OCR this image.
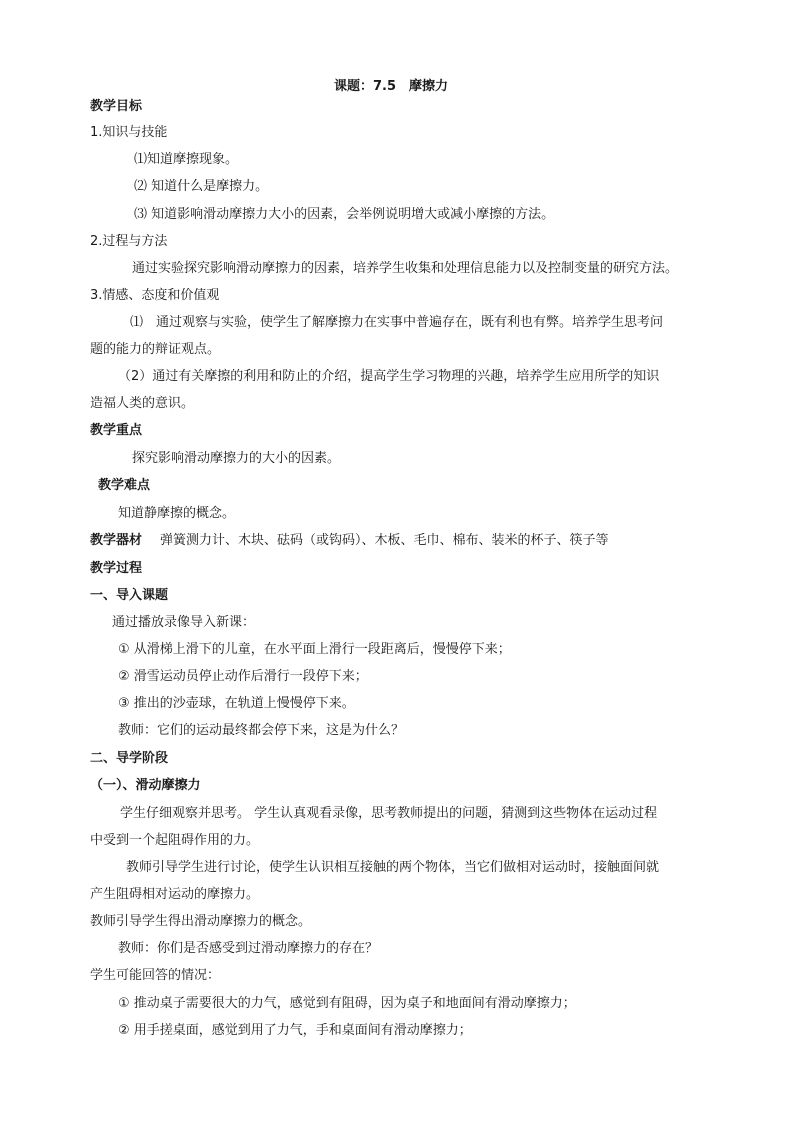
课题：7.5　摩擦力
教学目标
1.知识与技能
⑴知道摩擦现象。
⑵ 知道什么是摩擦力。
⑶ 知道影响滑动摩擦力大小的因素，会举例说明增大或减小摩擦的方法。
2.过程与方法
通过实验探究影响滑动摩擦力的因素，培养学生收集和处理信息能力以及控制变量的研究方法。
3.情感、态度和价值观
⑴　通过观察与实验，使学生了解摩擦力在实事中普遍存在，既有利也有弊。培养学生思考问
题的能力的辩证观点。
（2）通过有关摩擦的利用和防止的介绍，提高学生学习物理的兴趣，培养学生应用所学的知识
造福人类的意识。
教学重点
探究影响滑动摩擦力的大小的因素。
教学难点
知道静摩擦的概念。
教学器材 弹簧测力计、木块、砝码（或钩码）、木板、毛巾、棉布、装米的杯子、筷子等
教学过程
一、导入课题
通过播放录像导入新课：
① 从滑梯上滑下的儿童，在水平面上滑行一段距离后，慢慢停下来；
② 滑雪运动员停止动作后滑行一段停下来；
③ 推出的沙壶球，在轨道上慢慢停下来。
教师：它们的运动最终都会停下来，这是为什么？
二、导学阶段
（一）、滑动摩擦力
学生仔细观察并思考。 学生认真观看录像，思考教师提出的问题，猜测到这些物体在运动过程
中受到一个起阻碍作用的力。
教师引导学生进行讨论，使学生认识相互接触的两个物体，当它们做相对运动时，接触面间就
产生阻碍相对运动的摩擦力。
教师引导学生得出滑动摩擦力的概念。
教师：你们是否感受到过滑动摩擦力的存在？
学生可能回答的情况：
① 推动桌子需要很大的力气，感觉到有阻碍，因为桌子和地面间有滑动摩擦力；
② 用手搓桌面，感觉到用了力气，手和桌面间有滑动摩擦力；
